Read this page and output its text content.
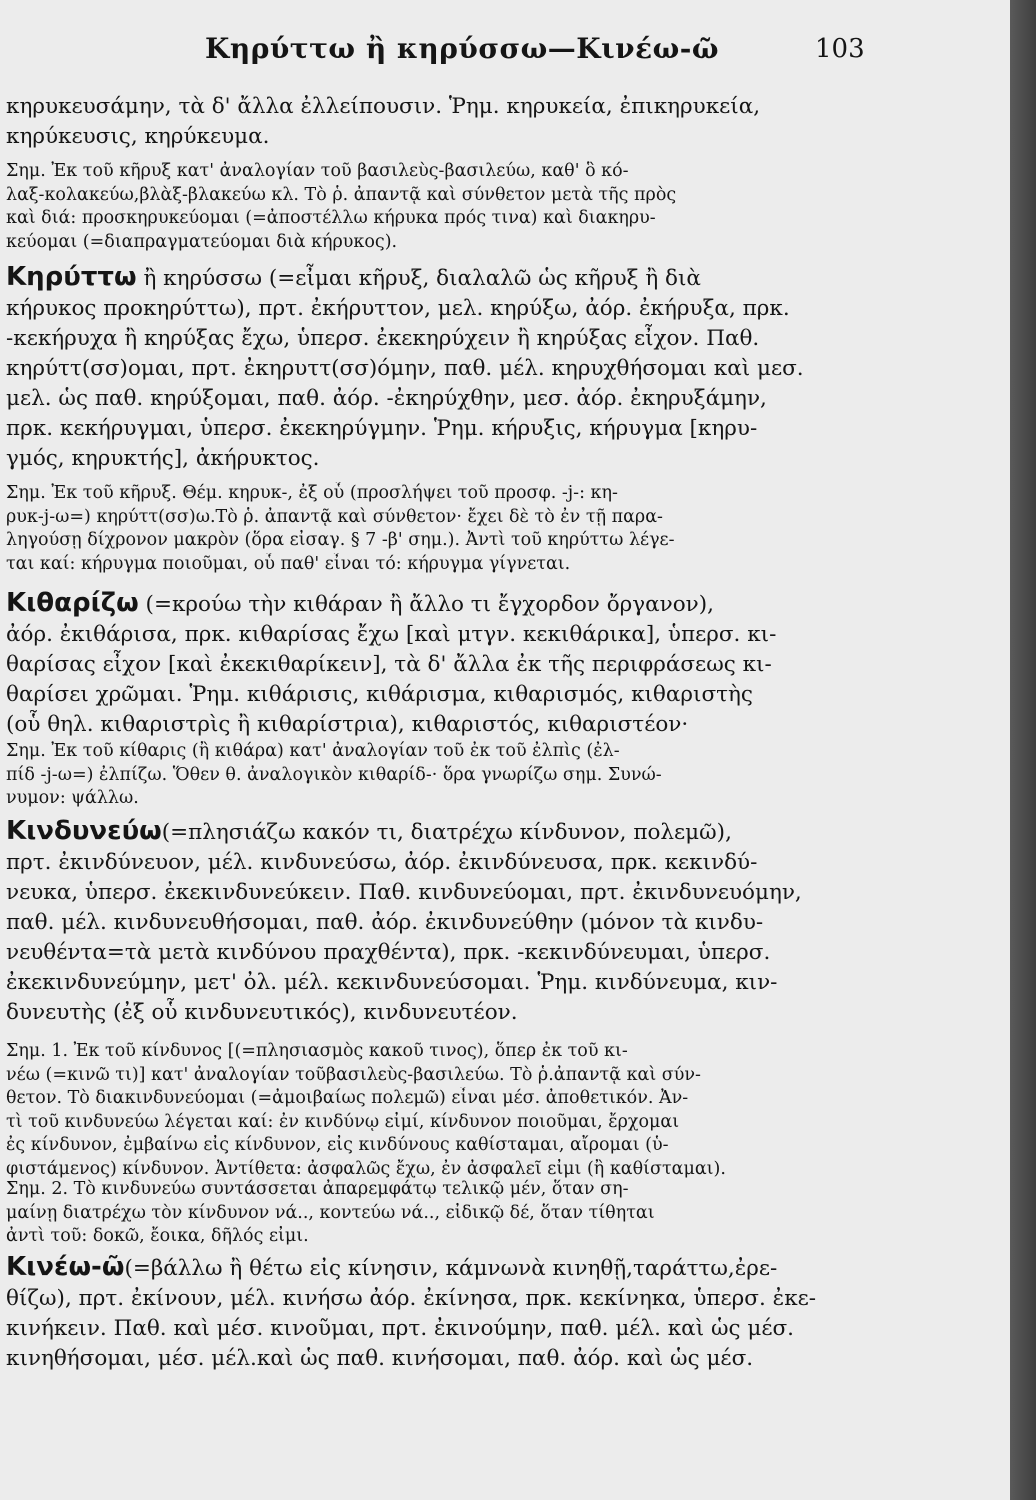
Κηρύττω ἢ κηρύσσω—Κινέω-ῶ	103
κηρυκευσάμην, τὰ δ' ἄλλα ἐλλείπουσιν. Ῥημ. κηρυκεία, ἐπικηρυκεία,
κηρύκευσις, κηρύκευμα.
Σημ. Ἐκ τοῦ κῆρυξ κατ' ἀναλογίαν τοῦ βασιλεὺς-βασιλεύω, καθ' ὃ κό-
λαξ-κολακεύω,βλὰξ-βλακεύω κλ. Τὸ ῥ. ἀπαντᾷ καὶ σύνθετον μετὰ τῆς πρὸς
καὶ διά: προσκηρυκεύομαι (=ἀποστέλλω κήρυκα πρός τινα) καὶ διακηρυ-
κεύομαι (=διαπραγματεύομαι διὰ κήρυκος).
Κηρύττω ἢ κηρύσσω (=εἶμαι κῆρυξ, διαλαλῶ ὡς κῆρυξ ἢ διὰ
κήρυκος προκηρύττω), πρτ. ἐκήρυττον, μελ. κηρύξω, ἀόρ. ἐκήρυξα, πρκ.
-κεκήρυχα ἢ κηρύξας ἔχω, ὑπερσ. ἐκεκηρύχειν ἢ κηρύξας εἶχον. Παθ.
κηρύττ(σσ)ομαι, πρτ. ἐκηρυττ(σσ)όμην, παθ. μέλ. κηρυχθήσομαι καὶ μεσ.
μελ. ὡς παθ. κηρύξομαι, παθ. ἀόρ. -ἐκηρύχθην, μεσ. ἀόρ. ἐκηρυξάμην,
πρκ. κεκήρυγμαι, ὑπερσ. ἐκεκηρύγμην. Ῥημ. κήρυξις, κήρυγμα [κηρυ-
γμός, κηρυκτής], ἀκήρυκτος.
Σημ. Ἐκ τοῦ κῆρυξ. Θέμ. κηρυκ-, ἐξ οὗ (προσλήψει τοῦ προσφ. -j-: κη-
ρυκ-j-ω=) κηρύττ(σσ)ω.Τὸ ῥ. ἀπαντᾷ καὶ σύνθετον· ἔχει δὲ τὸ ἐν τῇ παρα-
ληγούσῃ δίχρονον μακρὸν (ὅρα εἰσαγ. § 7 -β' σημ.). Ἀντὶ τοῦ κηρύττω λέγε-
ται καί: κήρυγμα ποιοῦμαι, οὗ παθ' εἶναι τό: κήρυγμα γίγνεται.
Κιθαρίζω (=κρούω τὴν κιθάραν ἢ ἄλλο τι ἔγχορδον ὄργανον),
ἀόρ. ἐκιθάρισα, πρκ. κιθαρίσας ἔχω [καὶ μτγν. κεκιθάρικα], ὑπερσ. κι-
θαρίσας εἶχον [καὶ ἐκεκιθαρίκειν], τὰ δ' ἄλλα ἐκ τῆς περιφράσεως κι-
θαρίσει χρῶμαι. Ῥημ. κιθάρισις, κιθάρισμα, κιθαρισμός, κιθαριστὴς
(οὗ θηλ. κιθαριστρὶς ἢ κιθαρίστρια), κιθαριστός, κιθαριστέον·
Σημ. Ἐκ τοῦ κίθαρις (ἢ κιθάρα) κατ' ἀναλογίαν τοῦ ἐκ τοῦ ἐλπὶς (ἐλ-
πίδ -j-ω=) ἐλπίζω. Ὅθεν θ. ἀναλογικὸν κιθαρίδ-· ὅρα γνωρίζω σημ. Συνώ-
νυμον: ψάλλω.
Κινδυνεύω(=πλησιάζω κακόν τι, διατρέχω κίνδυνον, πολεμῶ),
πρτ. ἐκινδύνευον, μέλ. κινδυνεύσω, ἀόρ. ἐκινδύνευσα, πρκ. κεκινδύ-
νευκα, ὑπερσ. ἐκεκινδυνεύκειν. Παθ. κινδυνεύομαι, πρτ. ἐκινδυνευόμην,
παθ. μέλ. κινδυνευθήσομαι, παθ. ἀόρ. ἐκινδυνεύθην (μόνον τὰ κινδυ-
νευθέντα=τὰ μετὰ κινδύνου πραχθέντα), πρκ. -κεκινδύνευμαι, ὑπερσ.
ἐκεκινδυνεύμην, μετ' ὀλ. μέλ. κεκινδυνεύσομαι. Ῥημ. κινδύνευμα, κιν-
δυνευτὴς (ἐξ οὗ κινδυνευτικός), κινδυνευτέον.
Σημ. 1. Ἐκ τοῦ κίνδυνος [(=πλησιασμὸς κακοῦ τινος), ὅπερ ἐκ τοῦ κι-
νέω (=κινῶ τι)] κατ' ἀναλογίαν τοῦβασιλεὺς-βασιλεύω. Τὸ ῥ.ἀπαντᾷ καὶ σύν-
θετον. Τὸ διακινδυνεύομαι (=ἀμοιβαίως πολεμῶ) εἶναι μέσ. ἀποθετικόν. Ἀν-
τὶ τοῦ κινδυνεύω λέγεται καί: ἐν κινδύνῳ εἰμί, κίνδυνον ποιοῦμαι, ἔρχομαι
ἐς κίνδυνον, ἐμβαίνω εἰς κίνδυνον, εἰς κινδύνους καθίσταμαι, αἴρομαι (ὑ-
φιστάμενος) κίνδυνον. Ἀντίθετα: ἀσφαλῶς ἔχω, ἐν ἀσφαλεῖ εἰμι (ἢ καθίσταμαι).
Σημ. 2. Τὸ κινδυνεύω συντάσσεται ἀπαρεμφάτῳ τελικῷ μέν, ὅταν ση-
μαίνῃ διατρέχω τὸν κίνδυνον νά.., κοντεύω νά.., εἰδικῷ δέ, ὅταν τίθηται
ἀντὶ τοῦ: δοκῶ, ἔοικα, δῆλός εἰμι.
Κινέω-ῶ(=βάλλω ἢ θέτω εἰς κίνησιν, κάμνωνὰ κινηθῇ,ταράττω,ἐρε-
θίζω), πρτ. ἐκίνουν, μέλ. κινήσω ἀόρ. ἐκίνησα, πρκ. κεκίνηκα, ὑπερσ. ἐκε-
κινήκειν. Παθ. καὶ μέσ. κινοῦμαι, πρτ. ἐκινούμην, παθ. μέλ. καὶ ὡς μέσ.
κινηθήσομαι, μέσ. μέλ.καὶ ὡς παθ. κινήσομαι, παθ. ἀόρ. καὶ ὡς μέσ.
